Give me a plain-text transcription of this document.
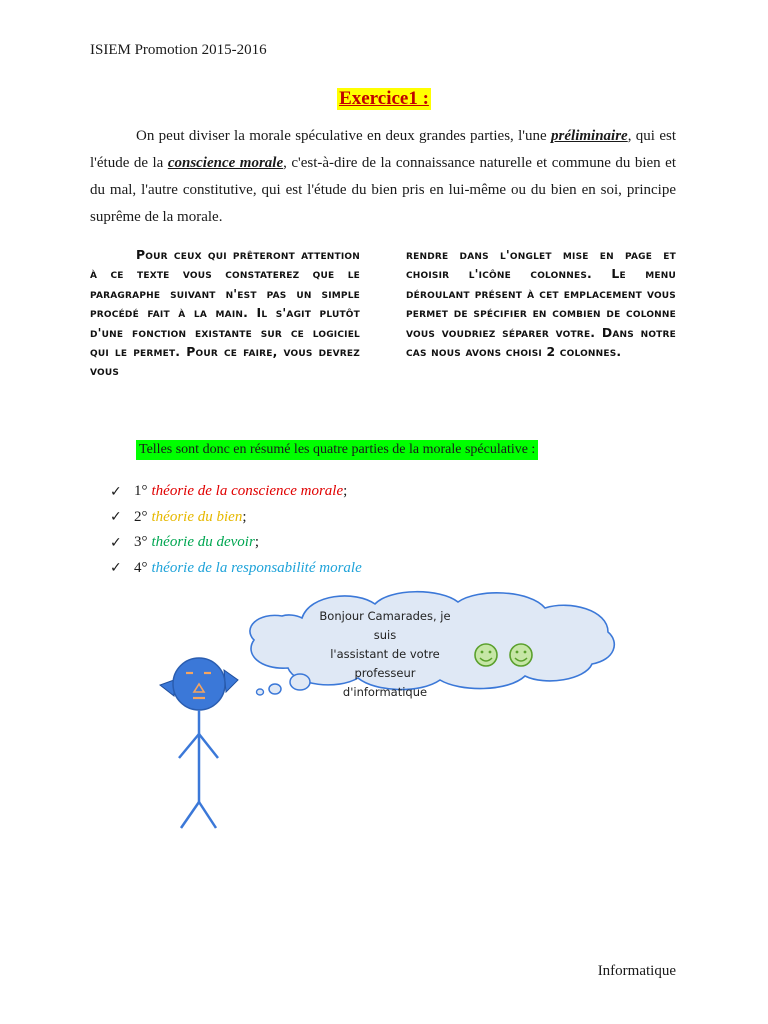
ISIEM Promotion 2015-2016
Exercice1 :
On peut diviser la morale spéculative en deux grandes parties, l'une préliminaire, qui est l'étude de la conscience morale, c'est-à-dire de la connaissance naturelle et commune du bien et du mal, l'autre constitutive, qui est l'étude du bien pris en lui-même ou du bien en soi, principe suprême de la morale.
Pour ceux qui prêteront attention à ce texte vous constaterez que le paragraphe suivant n'est pas un simple procédé fait à la main. Il s'agit plutôt d'une fonction existante sur ce logiciel qui le permet. Pour ce faire, vous devrez vous
rendre dans l'onglet mise en page et choisir l'icône colonnes. Le menu déroulant présent à cet emplacement vous permet de spécifier en combien de colonne vous voudriez séparer votre. Dans notre cas nous avons choisi 2 colonnes.
Telles sont donc en résumé les quatre parties de la morale spéculative :
✓ 1° théorie de la conscience morale ;
✓ 2° théorie du bien ;
✓ 3° théorie du devoir ;
✓ 4° théorie de la responsabilité morale
Bonjour Camarades, je suis
l'assistant de votre professeur
d'informatique
Informatique
